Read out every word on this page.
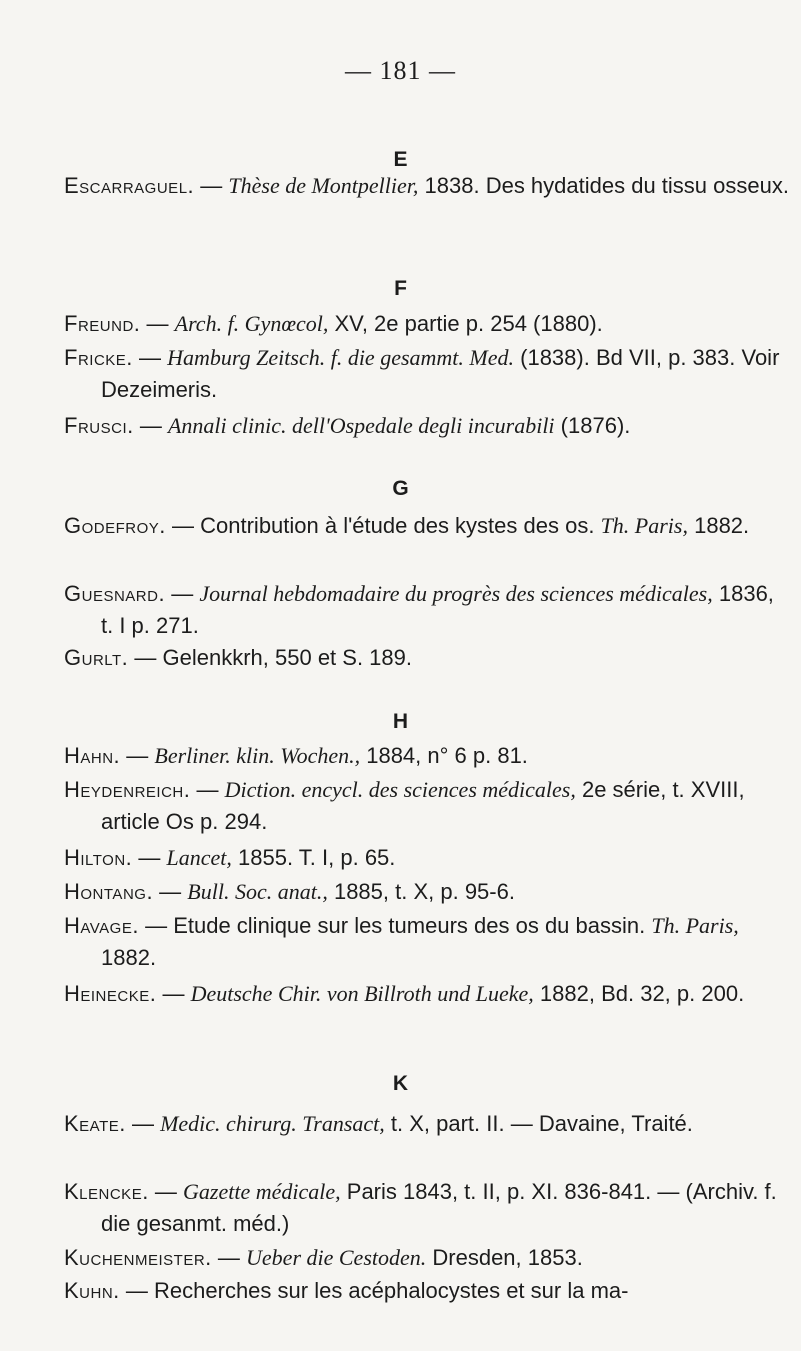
— 181 —
E
Escarraguel. — Thèse de Montpellier, 1838. Des hydatides du tissu osseux.
F
Freund. — Arch. f. Gynœcol, XV, 2e partie p. 254 (1880).
Fricke. — Hamburg Zeitsch. f. die gesammt. Med. (1838). Bd VII, p. 383. Voir Dezeimeris.
Frusci. — Annali clinic. dell'Ospedale degli incurabili (1876).
G
Godefroy. — Contribution à l'étude des kystes des os. Th. Paris, 1882.
Guesnard. — Journal hebdomadaire du progrès des sciences médicales, 1836, t. I p. 271.
Gurlt. — Gelenkkrh, 550 et S. 189.
H
Hahn. — Berliner. klin. Wochen., 1884, n° 6 p. 81.
Heydenreich. — Diction. encycl. des sciences médicales, 2e série, t. XVIII, article Os p. 294.
Hilton. — Lancet, 1855. T. I, p. 65.
Hontang. — Bull. Soc. anat., 1885, t. X, p. 95-6.
Havage. — Etude clinique sur les tumeurs des os du bassin. Th. Paris, 1882.
Heinecke. — Deutsche Chir. von Billroth und Lueke, 1882, Bd. 32, p. 200.
K
Keate. — Medic. chirurg. Transact, t. X, part. II. — Davaine, Traité.
Klencke. — Gazette médicale, Paris 1843, t. II, p. XI. 836-841. — (Archiv. f. die gesanmt. méd.)
Kuchenmeister. — Ueber die Cestoden. Dresden, 1853.
Kuhn. — Recherches sur les acéphalocystes et sur la ma-
